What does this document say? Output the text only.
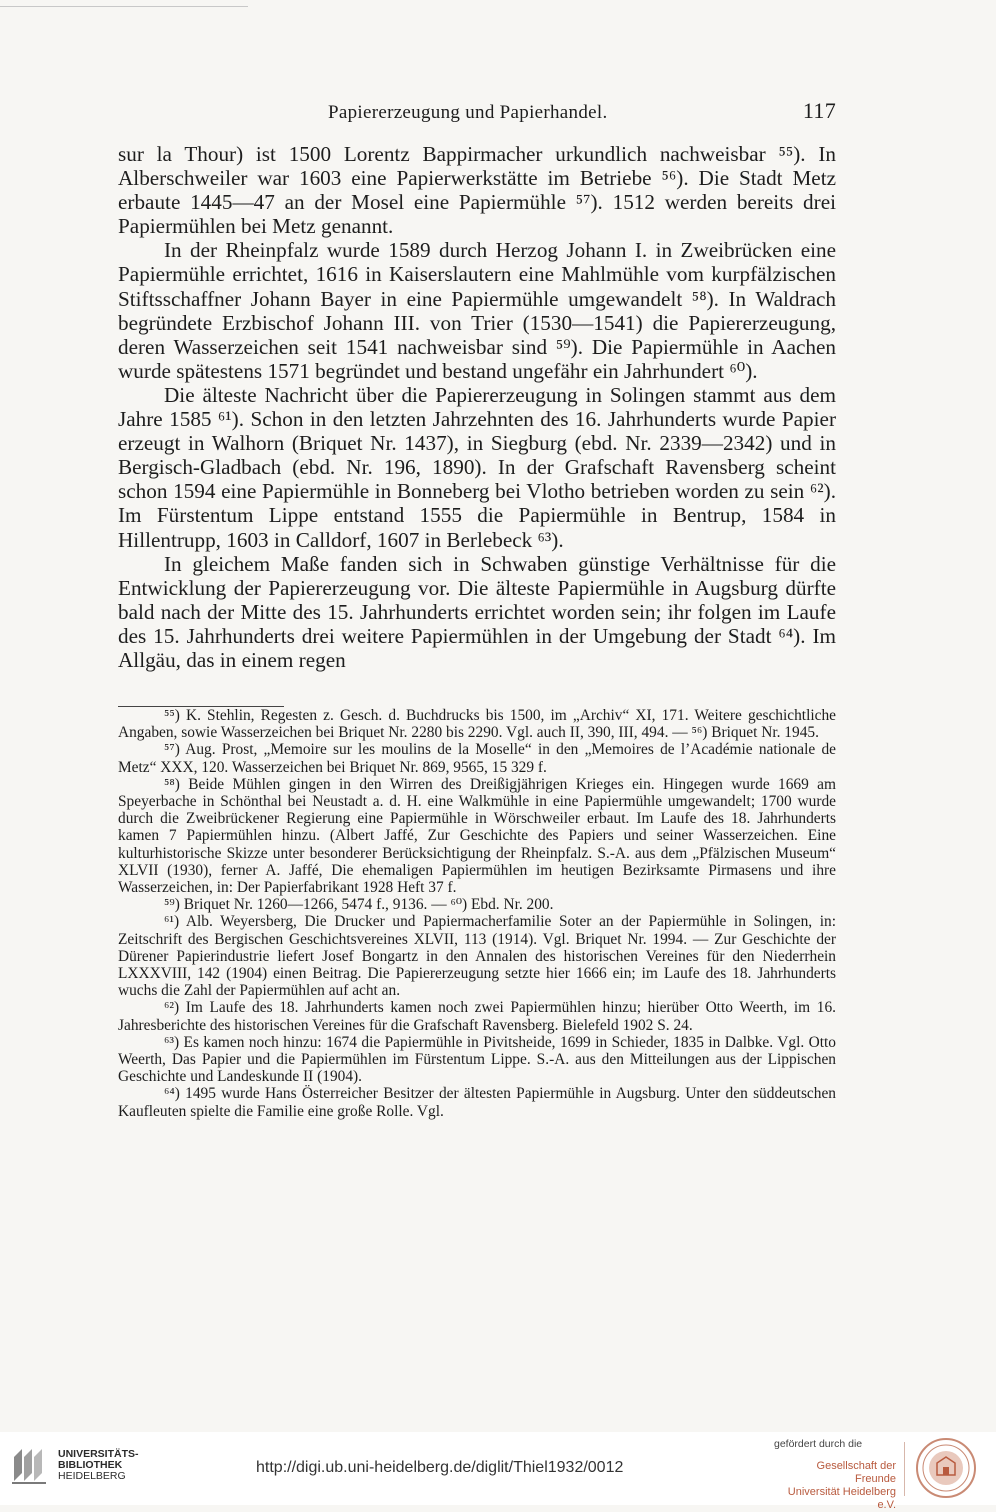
Papiererzeugung und Papierhandel.	117

sur la Thour) ist 1500 Lorentz Bappirmacher urkundlich nachweisbar ⁵⁵). In Alberschweiler war 1603 eine Papierwerkstätte im Betriebe ⁵⁶). Die Stadt Metz erbaute 1445—47 an der Mosel eine Papiermühle ⁵⁷). 1512 werden bereits drei Papiermühlen bei Metz genannt.

In der Rheinpfalz wurde 1589 durch Herzog Johann I. in Zweibrücken eine Papiermühle errichtet, 1616 in Kaiserslautern eine Mahlmühle vom kurpfälzischen Stiftsschaffner Johann Bayer in eine Papiermühle umgewandelt ⁵⁸). In Waldrach begründete Erzbischof Johann III. von Trier (1530—1541) die Papiererzeugung, deren Wasserzeichen seit 1541 nachweisbar sind ⁵⁹). Die Papiermühle in Aachen wurde spätestens 1571 begründet und bestand ungefähr ein Jahrhundert ⁶⁰).

Die älteste Nachricht über die Papiererzeugung in Solingen stammt aus dem Jahre 1585 ⁶¹). Schon in den letzten Jahrzehnten des 16. Jahrhunderts wurde Papier erzeugt in Walhorn (Briquet Nr. 1437), in Siegburg (ebd. Nr. 2339—2342) und in Bergisch-Gladbach (ebd. Nr. 196, 1890). In der Grafschaft Ravensberg scheint schon 1594 eine Papiermühle in Bonneberg bei Vlotho betrieben worden zu sein ⁶²). Im Fürstentum Lippe entstand 1555 die Papiermühle in Bentrup, 1584 in Hillentrupp, 1603 in Calldorf, 1607 in Berlebeck ⁶³).

In gleichem Maße fanden sich in Schwaben günstige Verhältnisse für die Entwicklung der Papiererzeugung vor. Die älteste Papiermühle in Augsburg dürfte bald nach der Mitte des 15. Jahrhunderts errichtet worden sein; ihr folgen im Laufe des 15. Jahrhunderts drei weitere Papiermühlen in der Umgebung der Stadt ⁶⁴). Im Allgäu, das in einem regen

⁵⁵) K. Stehlin, Regesten z. Gesch. d. Buchdrucks bis 1500, im „Archiv“ XI, 171. Weitere geschichtliche Angaben, sowie Wasserzeichen bei Briquet Nr. 2280 bis 2290. Vgl. auch II, 390, III, 494. — ⁵⁶) Briquet Nr. 1945.

⁵⁷) Aug. Prost, „Memoire sur les moulins de la Moselle“ in den „Memoires de l’Académie nationale de Metz“ XXX, 120. Wasserzeichen bei Briquet Nr. 869, 9565, 15 329 f.

⁵⁸) Beide Mühlen gingen in den Wirren des Dreißigjährigen Krieges ein. Hingegen wurde 1669 am Speyerbache in Schönthal bei Neustadt a. d. H. eine Walkmühle in eine Papiermühle umgewandelt; 1700 wurde durch die Zweibrückener Regierung eine Papiermühle in Wörschweiler erbaut. Im Laufe des 18. Jahrhunderts kamen 7 Papiermühlen hinzu. (Albert Jaffé, Zur Geschichte des Papiers und seiner Wasserzeichen. Eine kulturhistorische Skizze unter besonderer Berücksichtigung der Rheinpfalz. S.-A. aus dem „Pfälzischen Museum“ XLVII (1930), ferner A. Jaffé, Die ehemaligen Papiermühlen im heutigen Bezirksamte Pirmasens und ihre Wasserzeichen, in: Der Papierfabrikant 1928 Heft 37 f.

⁵⁹) Briquet Nr. 1260—1266, 5474 f., 9136. — ⁶⁰) Ebd. Nr. 200.

⁶¹) Alb. Weyersberg, Die Drucker und Papiermacherfamilie Soter an der Papiermühle in Solingen, in: Zeitschrift des Bergischen Geschichtsvereines XLVII, 113 (1914). Vgl. Briquet Nr. 1994. — Zur Geschichte der Dürener Papierindustrie liefert Josef Bongartz in den Annalen des historischen Vereines für den Niederrhein LXXXVIII, 142 (1904) einen Beitrag. Die Papiererzeugung setzte hier 1666 ein; im Laufe des 18. Jahrhunderts wuchs die Zahl der Papiermühlen auf acht an.

⁶²) Im Laufe des 18. Jahrhunderts kamen noch zwei Papiermühlen hinzu; hierüber Otto Weerth, im 16. Jahresberichte des historischen Vereines für die Grafschaft Ravensberg. Bielefeld 1902 S. 24.

⁶³) Es kamen noch hinzu: 1674 die Papiermühle in Pivitsheide, 1699 in Schieder, 1835 in Dalbke. Vgl. Otto Weerth, Das Papier und die Papiermühlen im Fürstentum Lippe. S.-A. aus den Mitteilungen aus der Lippischen Geschichte und Landeskunde II (1904).

⁶⁴) 1495 wurde Hans Österreicher Besitzer der ältesten Papiermühle in Augsburg. Unter den süddeutschen Kaufleuten spielte die Familie eine große Rolle. Vgl.

UNIVERSITÄTS-
BIBLIOTHEK
HEIDELBERG	http://digi.ub.uni-heidelberg.de/diglit/Thiel1932/0012
gefördert durch die
Gesellschaft der Freunde
Universität Heidelberg e.V.
